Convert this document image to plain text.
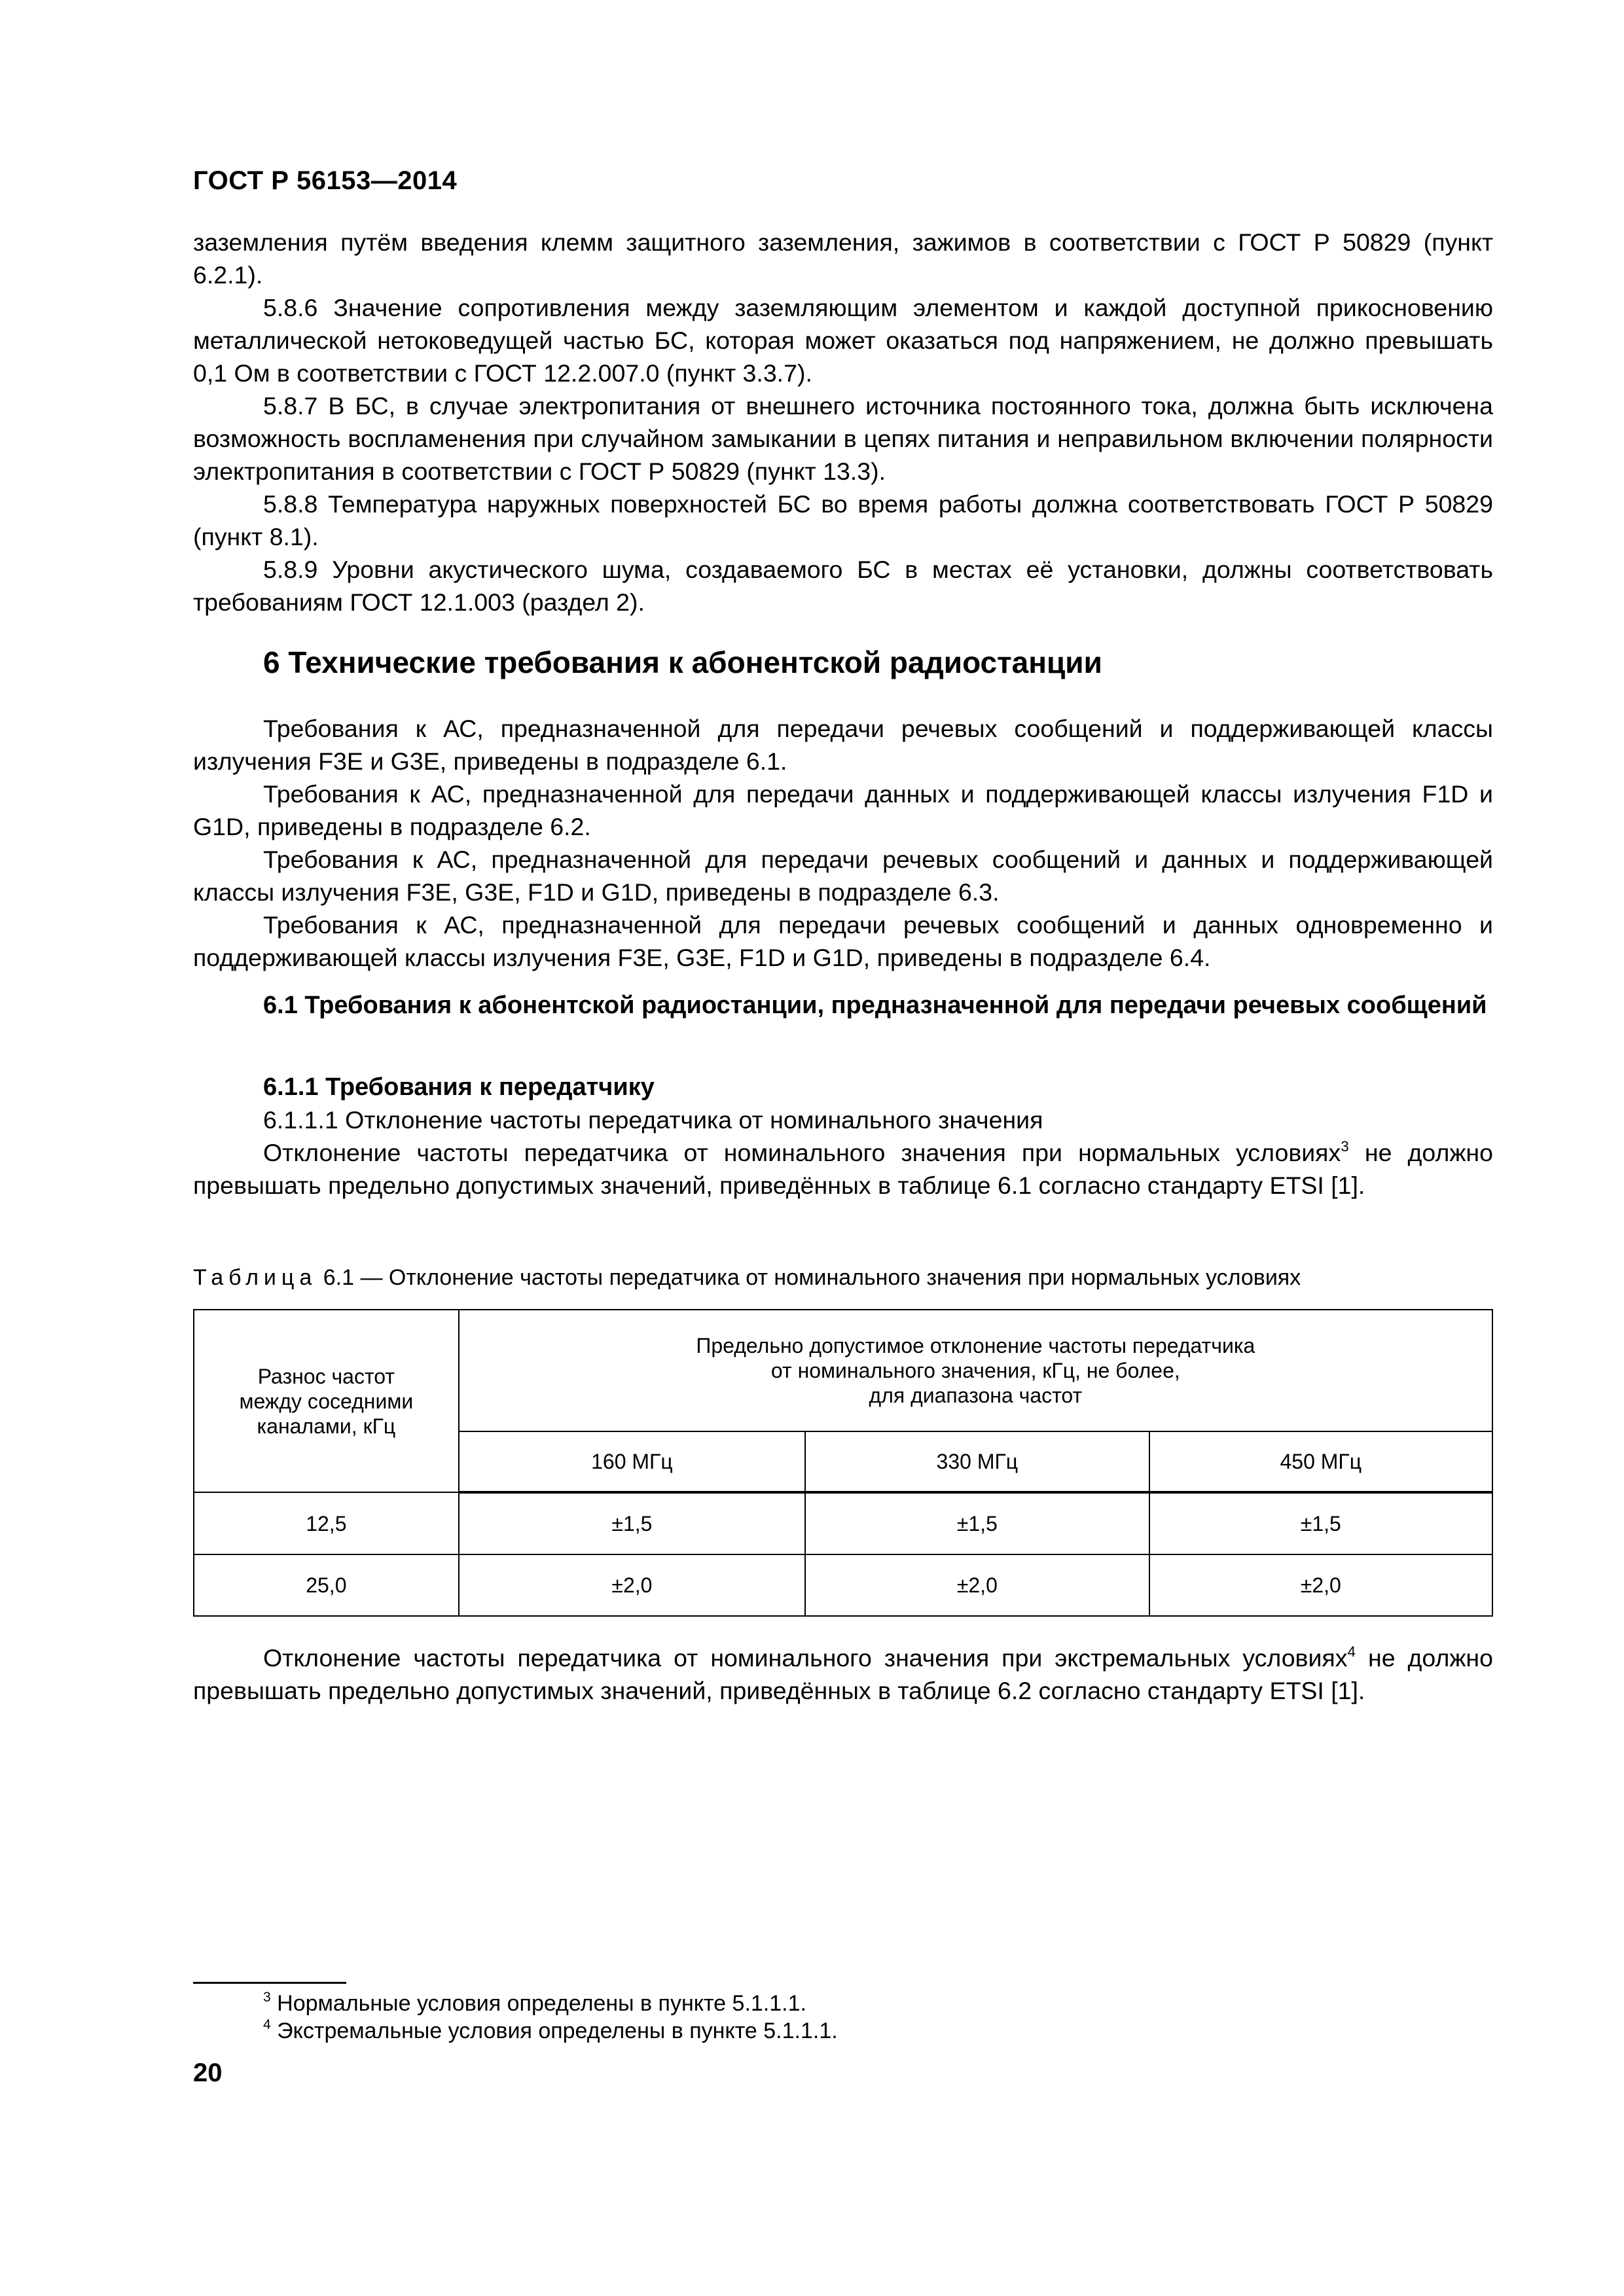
ГОСТ Р 56153—2014

заземления путём введения клемм защитного заземления, зажимов в соответствии с ГОСТ Р 50829 (пункт 6.2.1).

5.8.6 Значение сопротивления между заземляющим элементом и каждой доступной прикосновению металлической нетоковедущей частью БС, которая может оказаться под напряжением, не должно превышать 0,1 Ом в соответствии с ГОСТ 12.2.007.0 (пункт 3.3.7).

5.8.7 В БС, в случае электропитания от внешнего источника постоянного тока, должна быть исключена возможность воспламенения при случайном замыкании в цепях питания и неправильном включении полярности электропитания в соответствии с ГОСТ Р 50829 (пункт 13.3).

5.8.8 Температура наружных поверхностей БС во время работы должна соответствовать ГОСТ Р 50829 (пункт 8.1).

5.8.9 Уровни акустического шума, создаваемого БС в местах её установки, должны соответствовать требованиям ГОСТ 12.1.003 (раздел 2).

6 Технические требования к абонентской радиостанции

Требования к АС, предназначенной для передачи речевых сообщений и поддерживающей классы излучения F3E и G3E, приведены в подразделе 6.1.

Требования к АС, предназначенной для передачи данных и поддерживающей классы излучения F1D и G1D, приведены в подразделе 6.2.

Требования к АС, предназначенной для передачи речевых сообщений и данных и поддерживающей классы излучения F3E, G3E, F1D и G1D, приведены в подразделе 6.3.

Требования к АС, предназначенной для передачи речевых сообщений и данных одновременно и поддерживающей классы излучения F3E, G3E, F1D и G1D, приведены в подразделе 6.4.

6.1 Требования к абонентской радиостанции, предназначенной для передачи речевых сообщений
6.1.1 Требования к передатчику

6.1.1.1 Отклонение частоты передатчика от номинального значения

Отклонение частоты передатчика от номинального значения при нормальных условиях$^3$ не должно превышать предельно допустимых значений, приведённых в таблице 6.1 согласно стандарту ETSI [1].

Таблица 6.1 — Отклонение частоты передатчика от номинального значения при нормальных условиях
Разнос частот
между соседними
каналами, кГц	Предельно допустимое отклонение частоты передатчика
от номинального значения, кГц, не более,
для диапазона частот		
	160 МГц	330 МГц	450 МГц
12,5	±1,5	±1,5	±1,5
25,0	±2,0	±2,0	±2,0

Отклонение частоты передатчика от номинального значения при экстремальных условиях$^4$ не должно превышать предельно допустимых значений, приведённых в таблице 6.2 согласно стандарту ETSI [1].

$^3$ Нормальные условия определены в пункте 5.1.1.1.
$^4$ Экстремальные условия определены в пункте 5.1.1.1.
20
